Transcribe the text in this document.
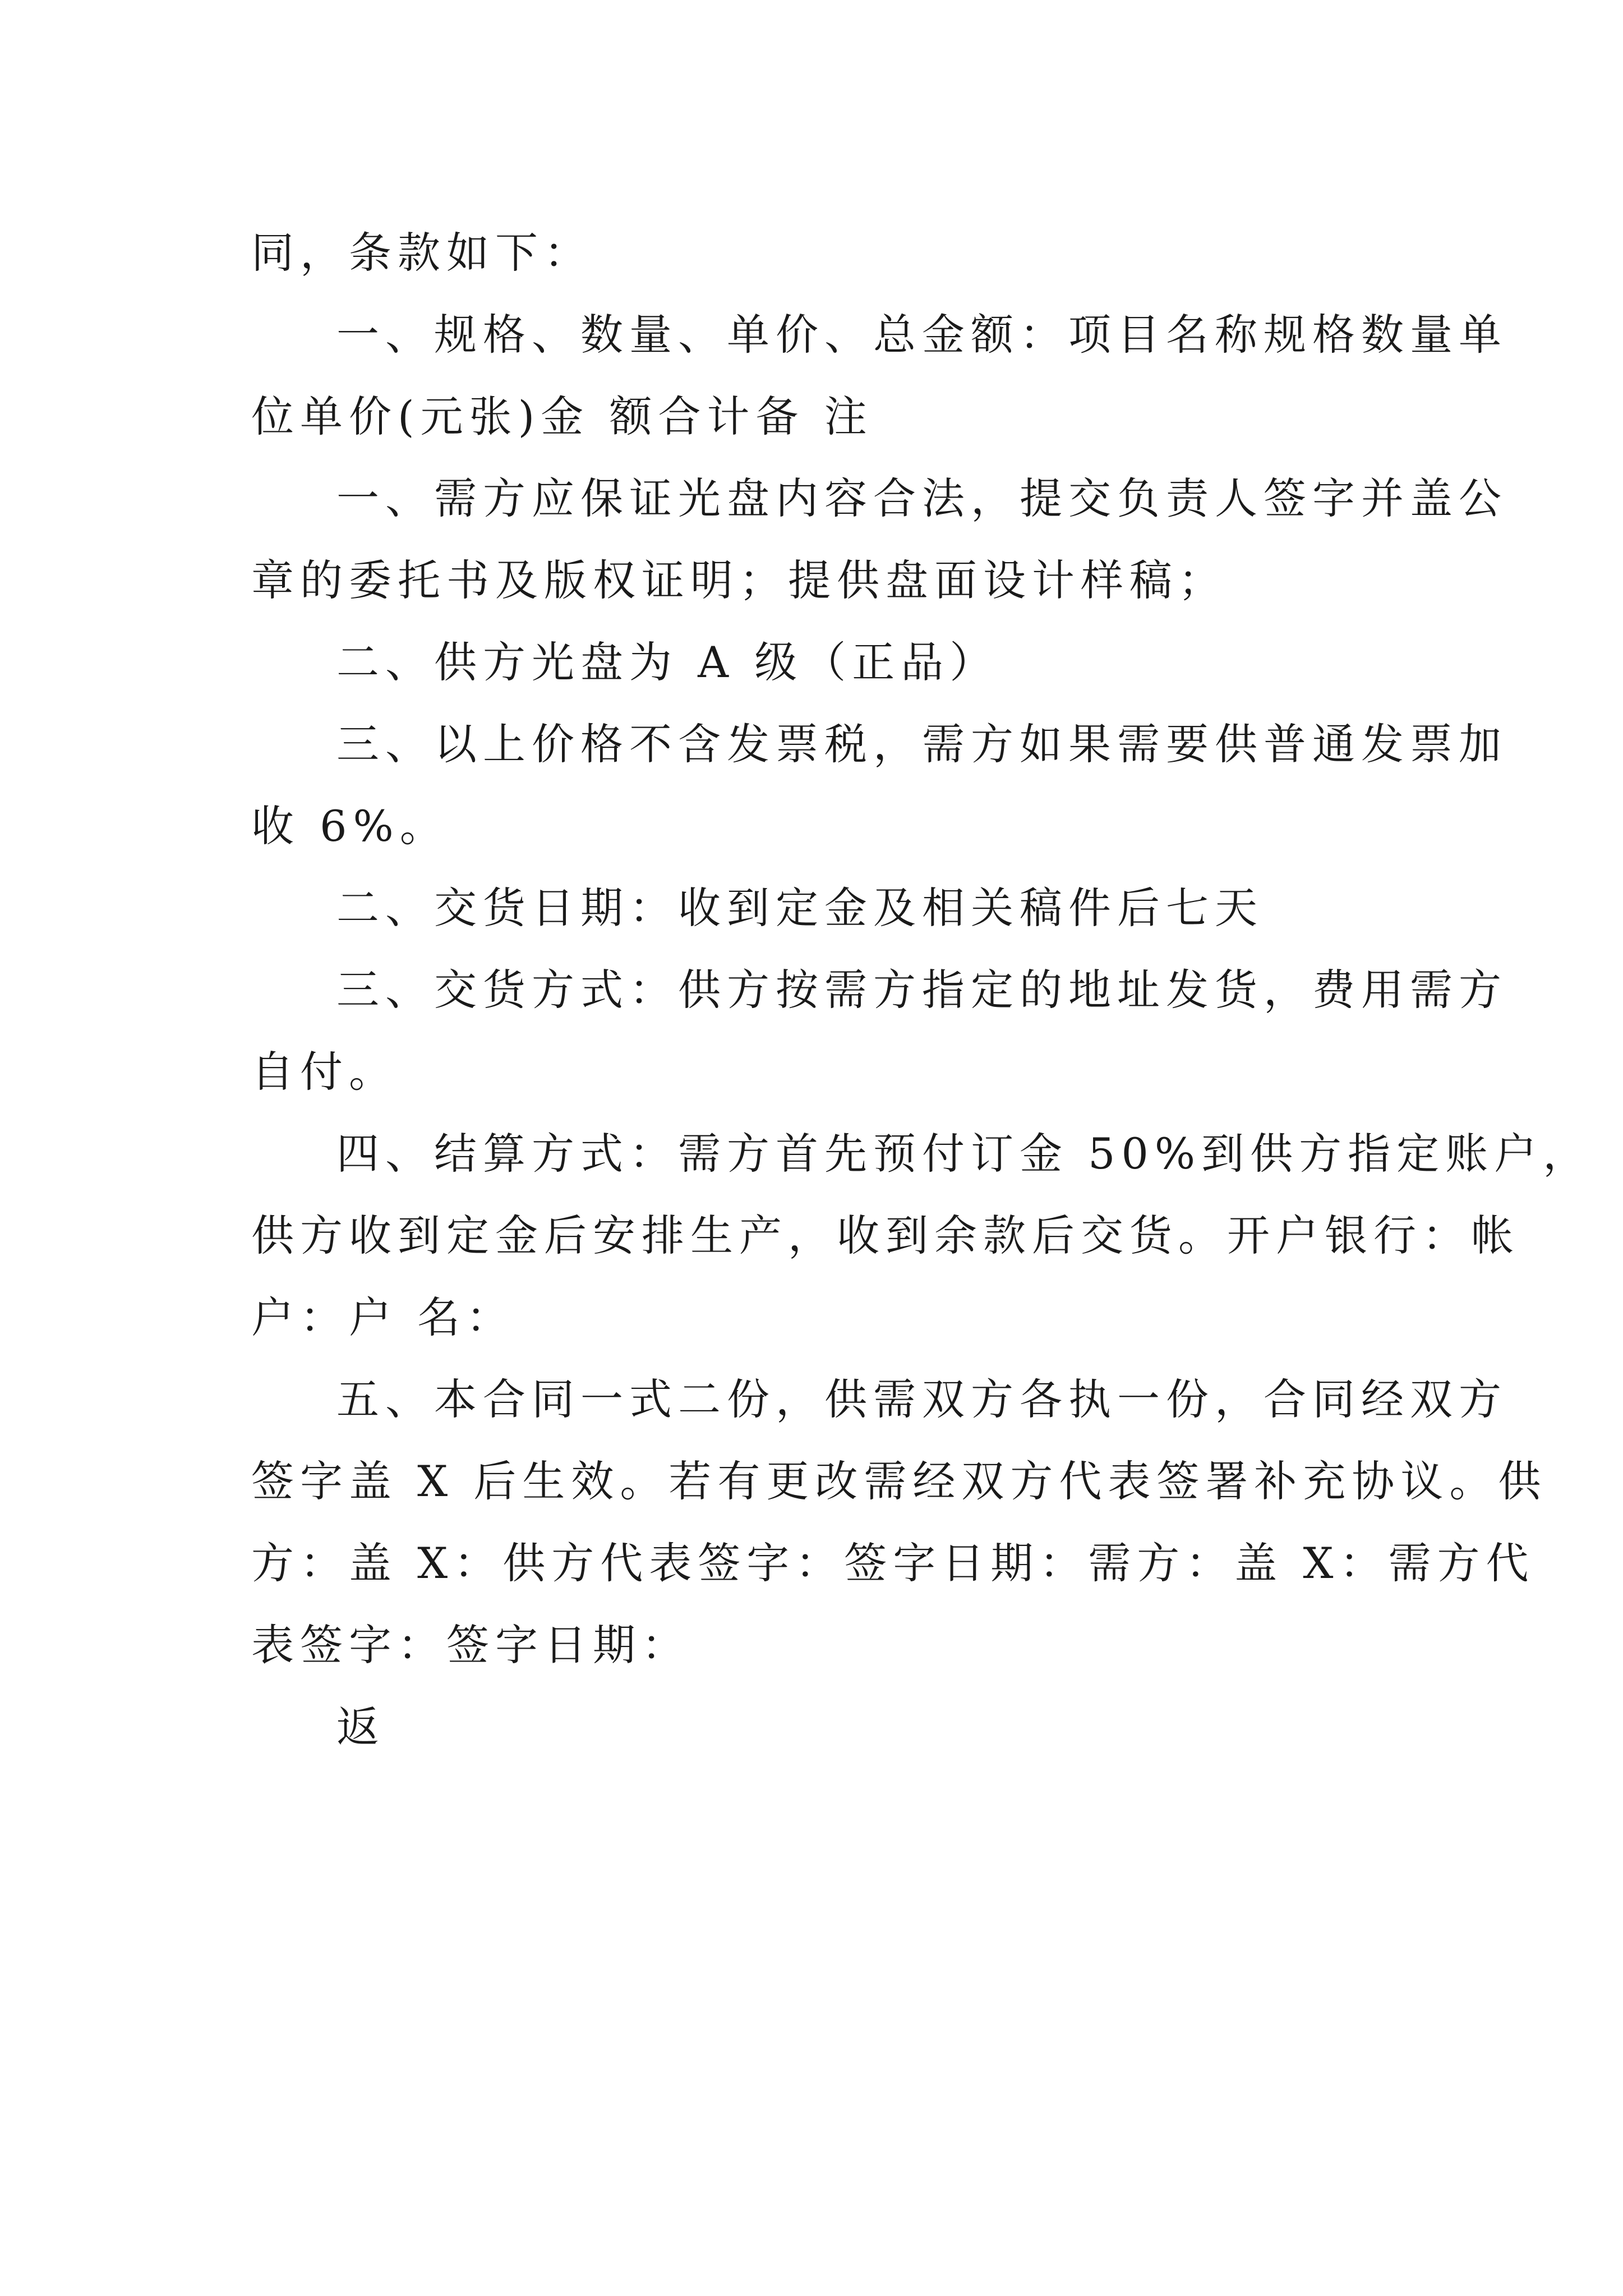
同，条款如下：
一、规格、数量、单价、总金额：项目名称规格数量单
位单价(元张)金 额合计备 注
一、需方应保证光盘内容合法，提交负责人签字并盖公
章的委托书及版权证明；提供盘面设计样稿；
二、供方光盘为 A 级（正品）
三、以上价格不含发票税，需方如果需要供普通发票加
收 6%。
二、交货日期：收到定金及相关稿件后七天
三、交货方式：供方按需方指定的地址发货，费用需方
自付。
四、结算方式：需方首先预付订金 50%到供方指定账户，
供方收到定金后安排生产，收到余款后交货。开户银行：帐
户：户 名：
五、本合同一式二份，供需双方各执一份，合同经双方
签字盖 X 后生效。若有更改需经双方代表签署补充协议。供
方：盖 X：供方代表签字：签字日期：需方：盖 X：需方代
表签字：签字日期：
返
